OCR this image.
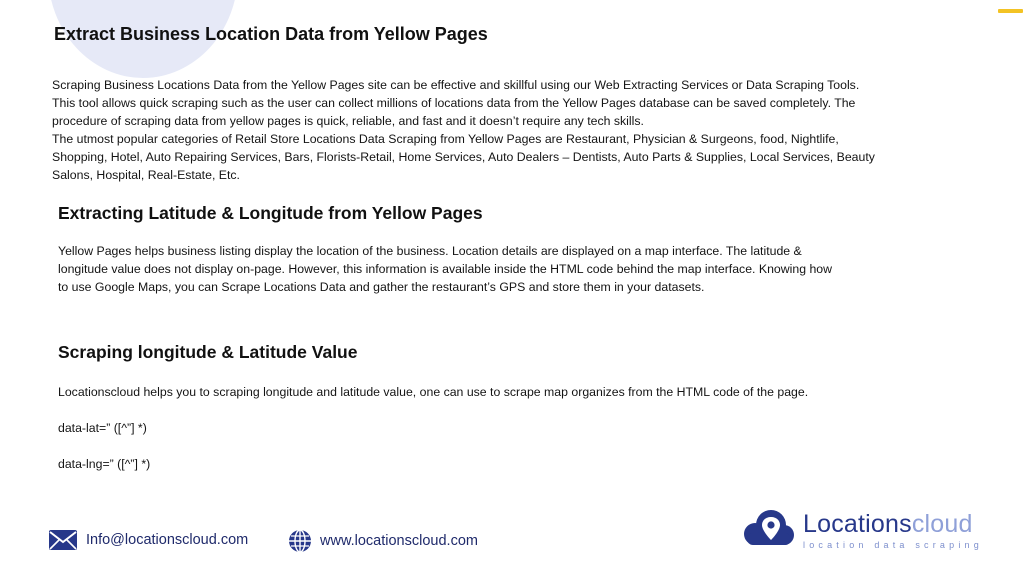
Extract Business Location Data from Yellow Pages

Scraping Business Locations Data from the Yellow Pages site can be effective and skillful using our Web Extracting Services or Data Scraping Tools.
This tool allows quick scraping such as the user can collect millions of locations data from the Yellow Pages database can be saved completely. The
procedure of scraping data from yellow pages is quick, reliable, and fast and it doesn’t require any tech skills.
The utmost popular categories of Retail Store Locations Data Scraping from Yellow Pages are Restaurant, Physician & Surgeons, food, Nightlife,
Shopping, Hotel, Auto Repairing Services, Bars, Florists-Retail, Home Services, Auto Dealers – Dentists, Auto Parts & Supplies, Local Services, Beauty
Salons, Hospital, Real-Estate, Etc.

Extracting Latitude & Longitude from Yellow Pages

Yellow Pages helps business listing display the location of the business. Location details are displayed on a map interface. The latitude &
longitude value does not display on-page. However, this information is available inside the HTML code behind the map interface. Knowing how
to use Google Maps, you can Scrape Locations Data and gather the restaurant’s GPS and store them in your datasets.

Scraping longitude & Latitude Value

Locationscloud helps you to scraping longitude and latitude value, one can use to scrape map organizes from the HTML code of the page.

data-lat=” ([^”] *)

data-lng=” ([^”] *)

Info@locationscloud.com	www.locationscloud.com
Locationscloud
location data scraping
